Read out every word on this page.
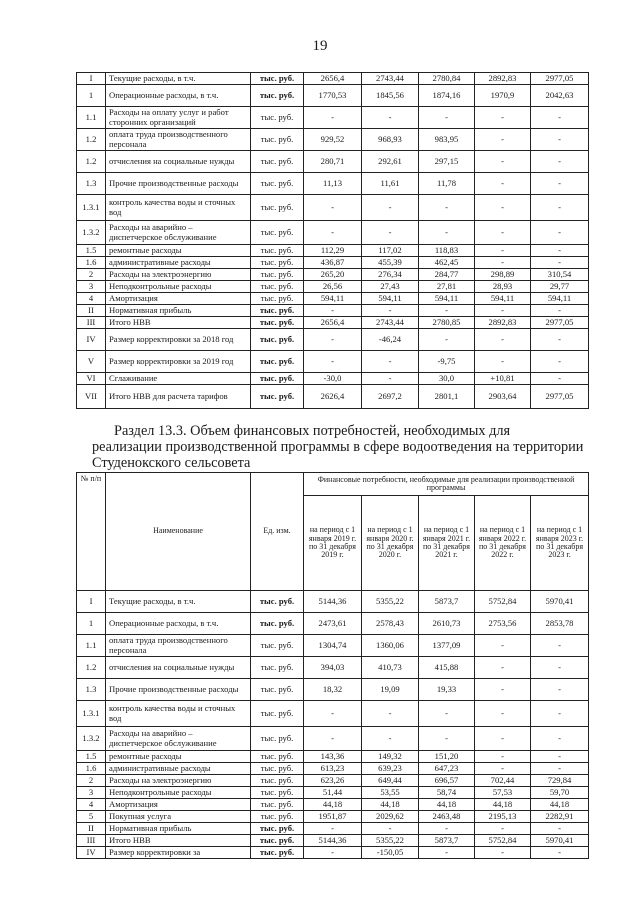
19
I	Текущие расходы, в т.ч.	тыс. руб.	2656,4	2743,44	2780,84	2892,83	2977,05
1	Операционные расходы, в т.ч.	тыс. руб.	1770,53	1845,56	1874,16	1970,9	2042,63
1.1	Расходы на оплату услуг и работ сторонних организаций	тыс. руб.	-	-	-	-	-
1.2	оплата труда производственного персонала	тыс. руб.	929,52	968,93	983,95	-	-
1.2	отчисления на социальные нужды	тыс. руб.	280,71	292,61	297,15	-	-
1.3	Прочие производственные расходы	тыс. руб.	11,13	11,61	11,78	-	-
1.3.1	контроль качества воды и сточных вод	тыс. руб.	-	-	-	-	-
1.3.2	Расходы на аварийно – диспетчерское обслуживание	тыс. руб.	-	-	-	-	-
1.5	ремонтные расходы	тыс. руб.	112,29	117,02	118,83	-	-
1.6	административные расходы	тыс. руб.	436,87	455,39	462,45	-	-
2	Расходы на электроэнергию	тыс. руб.	265,20	276,34	284,77	298,89	310,54
3	Неподконтрольные расходы	тыс. руб.	26,56	27,43	27,81	28,93	29,77
4	Амортизация	тыс. руб.	594,11	594,11	594,11	594,11	594,11
II	Нормативная прибыль	тыс. руб.	-	-	-	-	-
III	Итого НВВ	тыс. руб.	2656,4	2743,44	2780,85	2892,83	2977,05
IV	Размер корректировки за 2018 год	тыс. руб.	-	-46,24	-	-	-
V	Размер корректировки за 2019 год	тыс. руб.	-	-	-9,75	-	-
VI	Сглаживание	тыс. руб.	-30,0	-	30,0	+10,81	-
VII	Итого НВВ для расчета тарифов	тыс. руб.	2626,4	2697,2	2801,1	2903,64	2977,05
Раздел 13.3. Объем финансовых потребностей, необходимых для
реализации производственной программы в сфере водоотведения на территории
Студенокского сельсовета
№ п/п	Наименование	Ед. изм.	Финансовые потребности, необходимые для реализации производственной программы				
			на период с 1 января 2019 г. по 31 декабря 2019 г.	на период с 1 января 2020 г. по 31 декабря 2020 г.	на период с 1 января 2021 г. по 31 декабря 2021 г.	на период с 1 января 2022 г. по 31 декабря 2022 г.	на период с 1 января 2023 г. по 31 декабря 2023 г.
I	Текущие расходы, в т.ч.	тыс. руб.	5144,36	5355,22	5873,7	5752,84	5970,41
1	Операционные расходы, в т.ч.	тыс. руб.	2473,61	2578,43	2610,73	2753,56	2853,78
1.1	оплата труда производственного персонала	тыс. руб.	1304,74	1360,06	1377,09	-	-
1.2	отчисления на социальные нужды	тыс. руб.	394,03	410,73	415,88	-	-
1.3	Прочие производственные расходы	тыс. руб.	18,32	19,09	19,33	-	-
1.3.1	контроль качества воды и сточных вод	тыс. руб.	-	-	-	-	-
1.3.2	Расходы на аварийно – диспетчерское обслуживание	тыс. руб.	-	-	-	-	-
1.5	ремонтные расходы	тыс. руб.	143,36	149,32	151,20	-	-
1.6	административные расходы	тыс. руб.	613,23	639,23	647,23	-	-
2	Расходы на электроэнергию	тыс. руб.	623,26	649,44	696,57	702,44	729,84
3	Неподконтрольные расходы	тыс. руб.	51,44	53,55	58,74	57,53	59,70
4	Амортизация	тыс. руб.	44,18	44,18	44,18	44,18	44,18
5	Покупная услуга	тыс. руб.	1951,87	2029,62	2463,48	2195,13	2282,91
II	Нормативная прибыль	тыс. руб.	-	-	-	-	-
III	Итого НВВ	тыс. руб.	5144,36	5355,22	5873,7	5752,84	5970,41
IV	Размер корректировки за	тыс. руб.	-	-150,05	-	-	-
